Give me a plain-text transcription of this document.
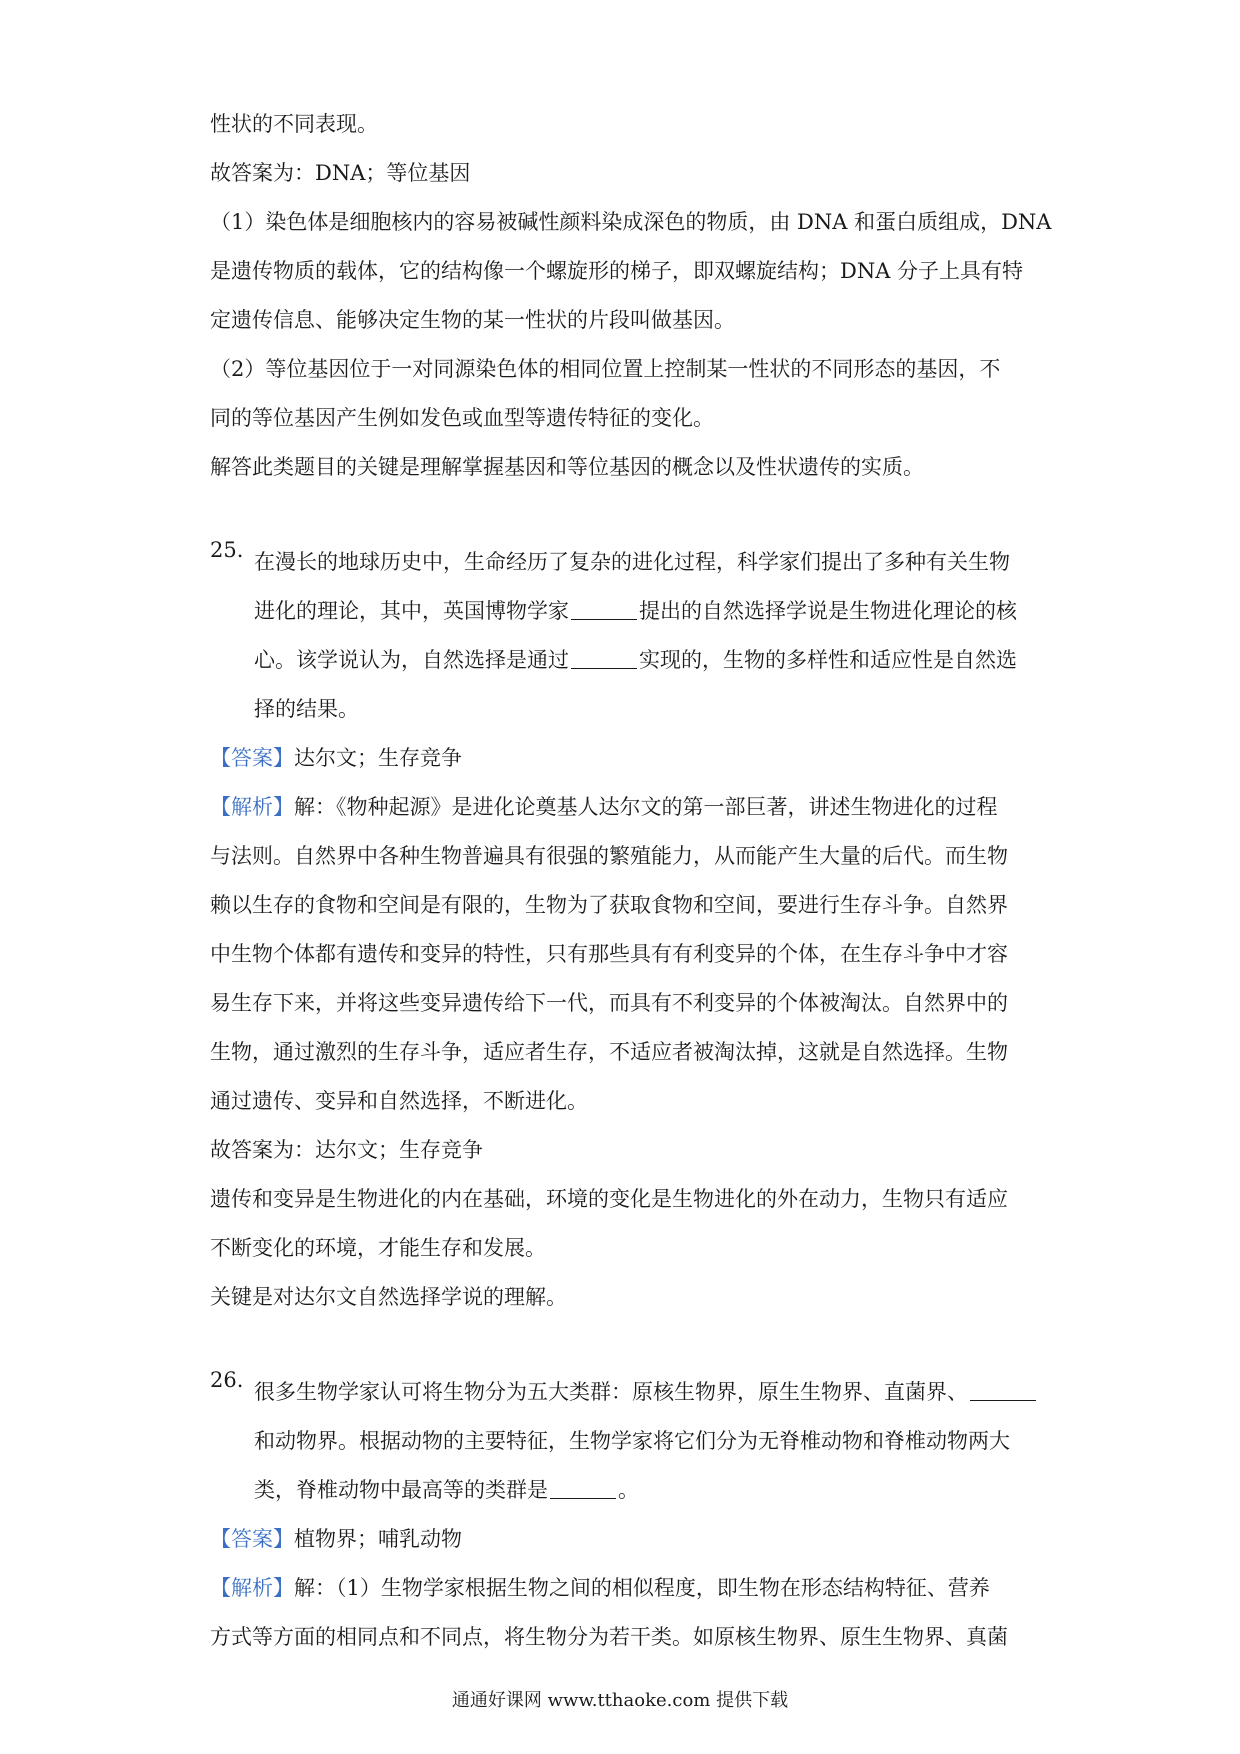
性状的不同表现。
故答案为：DNA；等位基因
（1）染色体是细胞核内的容易被碱性颜料染成深色的物质，由 DNA 和蛋白质组成，DNA
是遗传物质的载体，它的结构像一个螺旋形的梯子，即双螺旋结构；DNA 分子上具有特
定遗传信息、能够决定生物的某一性状的片段叫做基因。
（2）等位基因位于一对同源染色体的相同位置上控制某一性状的不同形态的基因，不
同的等位基因产生例如发色或血型等遗传特征的变化。
解答此类题目的关键是理解掌握基因和等位基因的概念以及性状遗传的实质。
25. 在漫长的地球历史中，生命经历了复杂的进化过程，科学家们提出了多种有关生物
进化的理论，其中，英国博物学家	提出的自然选择学说是生物进化理论的核
心。该学说认为，自然选择是通过	实现的，生物的多样性和适应性是自然选
择的结果。
【答案】达尔文；生存竞争
【解析】解：《物种起源》是进化论奠基人达尔文的第一部巨著，讲述生物进化的过程
与法则。自然界中各种生物普遍具有很强的繁殖能力，从而能产生大量的后代。而生物
赖以生存的食物和空间是有限的，生物为了获取食物和空间，要进行生存斗争。自然界
中生物个体都有遗传和变异的特性，只有那些具有有利变异的个体，在生存斗争中才容
易生存下来，并将这些变异遗传给下一代，而具有不利变异的个体被淘汰。自然界中的
生物，通过激烈的生存斗争，适应者生存，不适应者被淘汰掉，这就是自然选择。生物
通过遗传、变异和自然选择，不断进化。
故答案为：达尔文；生存竞争
遗传和变异是生物进化的内在基础，环境的变化是生物进化的外在动力，生物只有适应
不断变化的环境，才能生存和发展。
关键是对达尔文自然选择学说的理解。
26. 很多生物学家认可将生物分为五大类群：原核生物界，原生生物界、直菌界、
和动物界。根据动物的主要特征，生物学家将它们分为无脊椎动物和脊椎动物两大
类，脊椎动物中最高等的类群是	。
【答案】植物界；哺乳动物
【解析】解：（1）生物学家根据生物之间的相似程度，即生物在形态结构特征、营养
方式等方面的相同点和不同点，将生物分为若干类。如原核生物界、原生生物界、真菌
通通好课网 www.tthaoke.com 提供下载
